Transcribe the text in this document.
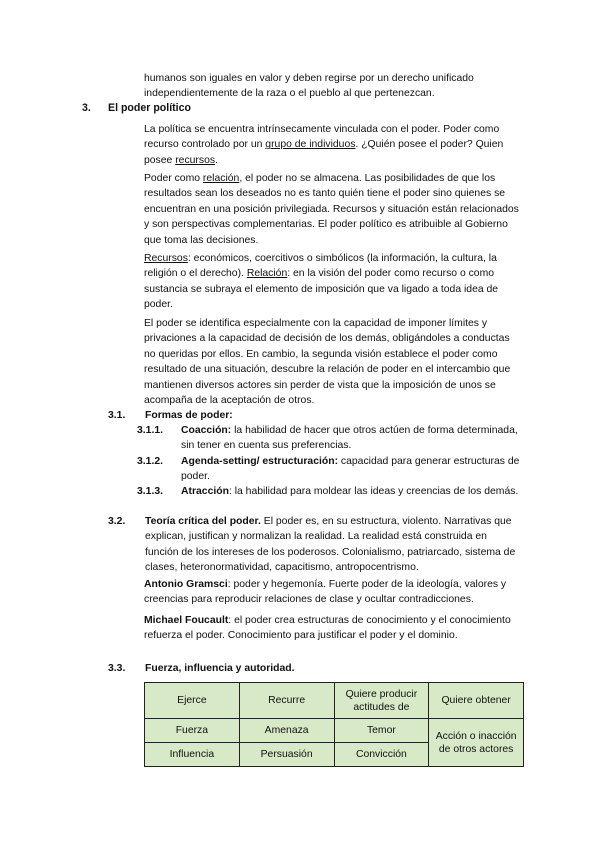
humanos son iguales en valor y deben regirse por un derecho unificado
independientemente de la raza o el pueblo al que pertenezcan.

3. El poder político

La política se encuentra intrínsecamente vinculada con el poder. Poder como recurso controlado por un grupo de individuos. ¿Quién posee el poder? Quien posee recursos.

Poder como relación, el poder no se almacena. Las posibilidades de que los resultados sean los deseados no es tanto quién tiene el poder sino quienes se encuentran en una posición privilegiada. Recursos y situación están relacionados y son perspectivas complementarias. El poder político es atribuible al Gobierno que toma las decisiones.

Recursos: económicos, coercitivos o simbólicos (la información, la cultura, la religión o el derecho). Relación: en la visión del poder como recurso o como sustancia se subraya el elemento de imposición que va ligado a toda idea de poder.

El poder se identifica especialmente con la capacidad de imponer límites y privaciones a la capacidad de decisión de los demás, obligándoles a conductas no queridas por ellos. En cambio, la segunda visión establece el poder como resultado de una situación, descubre la relación de poder en el intercambio que mantienen diversos actores sin perder de vista que la imposición de unos se acompaña de la aceptación de otros.

3.1. Formas de poder:
3.1.1. Coacción: la habilidad de hacer que otros actúen de forma determinada, sin tener en cuenta sus preferencias.
3.1.2. Agenda-setting/ estructuración: capacidad para generar estructuras de poder.
3.1.3. Atracción: la habilidad para moldear las ideas y creencias de los demás.
3.2. Teoría crítica del poder. El poder es, en su estructura, violento. Narrativas que explican, justifican y normalizan la realidad. La realidad está construida en función de los intereses de los poderosos. Colonialismo, patriarcado, sistema de clases, heteronormatividad, capacitismo, antropocentrismo.

Antonio Gramsci: poder y hegemonía. Fuerte poder de la ideología, valores y creencias para reproducir relaciones de clase y ocultar contradicciones.

Michael Foucault: el poder crea estructuras de conocimiento y el conocimiento refuerza el poder. Conocimiento para justificar el poder y el dominio.

3.3. Fuerza, influencia y autoridad.
Ejerce	Recurre	Quiere producir actitudes de	Quiere obtener
Fuerza	Amenaza	Temor	Acción o inacción de otros actores
Influencia	Persuasión	Convicción	
